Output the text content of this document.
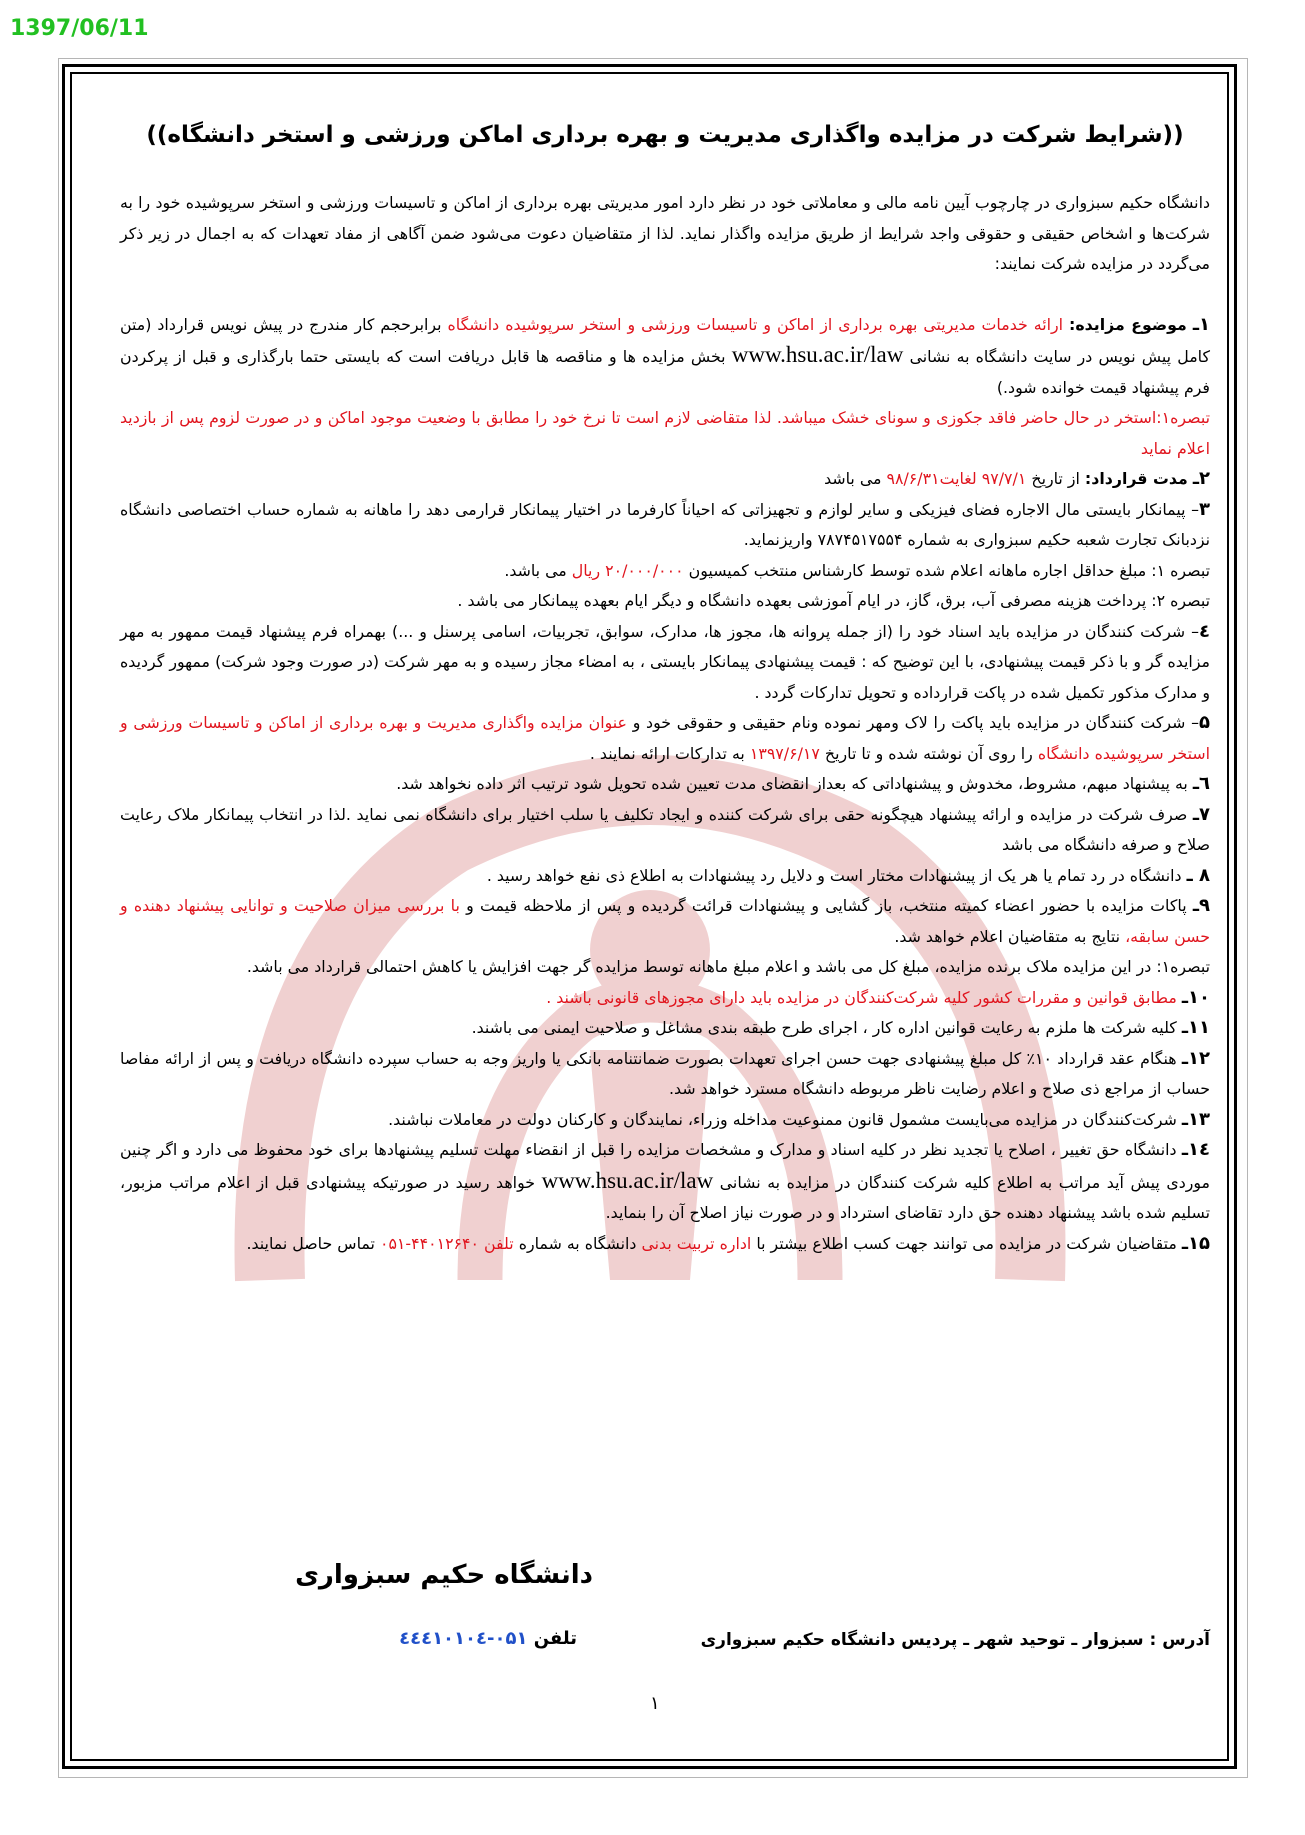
1397/06/11
((شرایط شرکت در مزایده واگذاری مدیریت و بهره برداری اماکن ورزشی و استخر دانشگاه))

دانشگاه حکیم سبزواری در چارچوب آیین نامه مالی و معاملاتی خود در نظر دارد امور مدیریتی بهره برداری از اماکن و تاسیسات ورزشی و استخر سرپوشیده خود را به شرکت‌ها و اشخاص حقیقی و حقوقی واجد شرایط از طریق مزایده واگذار نماید. لذا از متقاضیان دعوت می‌شود ضمن آگاهی از مفاد تعهدات که به اجمال در زیر ذکر می‌گردد در مزایده شرکت نمایند:

۱ـ موضوع مزایده: ارائه خدمات مدیریتی بهره برداری از اماکن و تاسیسات ورزشی و استخر سرپوشیده دانشگاه برابرحجم کار مندرج در پیش نویس قرارداد (متن کامل پیش نویس در سایت دانشگاه به نشانی www.hsu.ac.ir/law بخش مزایده ها و مناقصه ها قابل دریافت است که بایستی حتما بارگذاری و قبل از پرکردن فرم پیشنهاد قیمت خوانده شود.)

تبصره۱:استخر در حال حاضر فاقد جکوزی و سونای خشک میباشد. لذا متقاضی لازم است تا نرخ خود را مطابق با وضعیت موجود اماکن و در صورت لزوم پس از بازدید اعلام نماید

۲ـ مدت قرارداد: از تاریخ ۹۷/۷/۱ لغایت۹۸/۶/۳۱ می باشد

۳– پیمانکار بایستی مال الاجاره فضای فیزیکی و سایر لوازم و تجهیزاتی که احیاناً کارفرما در اختیار پیمانکار قرارمی دهد را ماهانه به شماره حساب اختصاصی دانشگاه نزدبانک تجارت شعبه حکیم سبزواری به شماره ۷۸۷۴۵۱۷۵۵۴ واریزنماید.

تبصره ۱: مبلغ حداقل اجاره ماهانه اعلام شده توسط کارشناس منتخب کمیسیون ۲۰/۰۰۰/۰۰۰ ریال می باشد.

تبصره ۲: پرداخت هزینه مصرفی آب، برق، گاز، در ایام آموزشی بعهده دانشگاه و دیگر ایام بعهده پیمانکار می باشد .

٤– شرکت کنندگان در مزایده باید اسناد خود را (از جمله پروانه ها، مجوز ها، مدارک، سوابق، تجربیات، اسامی پرسنل و ...) بهمراه فرم پیشنهاد قیمت ممهور به مهر مزایده گر و با ذکر قیمت پیشنهادی، با این توضیح که : قیمت پیشنهادی پیمانکار بایستی ، به امضاء مجاز رسیده و به مهر شرکت (در صورت وجود شرکت) ممهور گردیده و مدارک مذکور تکمیل شده در پاکت قرارداده و تحویل تدارکات گردد .

۵– شرکت کنندگان در مزایده باید پاکت را لاک ومهر نموده ونام حقیقی و حقوقی خود و عنوان مزایده واگذاری مدیریت و بهره برداری از اماکن و تاسیسات ورزشی و استخر سرپوشیده دانشگاه را روی آن نوشته شده و تا تاریخ ۱۳۹۷/۶/۱۷ به تدارکات ارائه نمایند .

٦ـ به پیشنهاد مبهم، مشروط، مخدوش و پیشنهاداتی که بعداز انقضای مدت تعیین شده تحویل شود ترتیب اثر داده نخواهد شد.

۷ـ صرف شرکت در مزایده و ارائه پیشنهاد هیچگونه حقی برای شرکت کننده و ایجاد تکلیف یا سلب اختیار برای دانشگاه نمی نماید .لذا در انتخاب پیمانکار ملاک رعایت صلاح و صرفه دانشگاه می باشد

۸ ـ دانشگاه در رد تمام یا هر یک از پیشنهادات مختار است و دلایل رد پیشنهادات به اطلاع ذی نفع خواهد رسید .

۹ـ پاکات مزایده با حضور اعضاء کمیته منتخب، باز گشایی و پیشنهادات قرائت گردیده و پس از ملاحظه قیمت و با بررسی میزان صلاحیت و توانایی پیشنهاد دهنده و حسن سابقه، نتایج به متقاضیان اعلام خواهد شد.

تبصره۱: در این مزایده ملاک برنده مزایده، مبلغ کل می باشد و اعلام مبلغ ماهانه توسط مزایده گر جهت افزایش یا کاهش احتمالی قرارداد می باشد.

۱۰ـ مطابق قوانین و مقررات کشور کلیه شرکت‌کنندگان در مزایده باید دارای مجوزهای قانونی باشند .

۱۱ـ کلیه شرکت ها ملزم به رعایت قوانین اداره کار ، اجرای طرح طبقه بندی مشاغل و صلاحیت ایمنی می باشند.

۱۲ـ هنگام عقد قرارداد ۱۰٪ کل مبلغ پیشنهادی جهت حسن اجرای تعهدات بصورت ضمانتنامه بانکی یا واریز وجه به حساب سپرده دانشگاه دریافت و پس از ارائه مفاصا حساب از مراجع ذی صلاح و اعلام رضایت ناظر مربوطه دانشگاه مسترد خواهد شد.

۱۳ـ شرکت‌کنندگان در مزایده می‌بایست مشمول قانون ممنوعیت مداخله وزراء، نمایندگان و کارکنان دولت در معاملات نباشند.

۱٤ـ دانشگاه حق تغییر ، اصلاح یا تجدید نظر در کلیه اسناد و مدارک و مشخصات مزایده را قبل از انقضاء مهلت تسلیم پیشنهادها برای خود محفوظ می دارد و اگر چنین موردی پیش آید مراتب به اطلاع کلیه شرکت کنندگان در مزایده به نشانی www.hsu.ac.ir/law خواهد رسید در صورتیکه پیشنهادی قبل از اعلام مراتب مزبور، تسلیم شده باشد پیشنهاد دهنده حق دارد تقاضای استرداد و در صورت نیاز اصلاح آن را بنماید.

۱۵ـ متقاضیان شرکت در مزایده می توانند جهت کسب اطلاع بیشتر با اداره تربیت بدنی دانشگاه به شماره تلفن ۴۴۰۱۲۶۴۰-۰۵۱ تماس حاصل نمایند.

دانشگاه حکیم سبزواری
آدرس : سبزوار ـ توحید شهر ـ پردیس دانشگاه حکیم سبزواری
تلفن ۰۵۱-٤٤٤۱۰۱۰٤
۱
